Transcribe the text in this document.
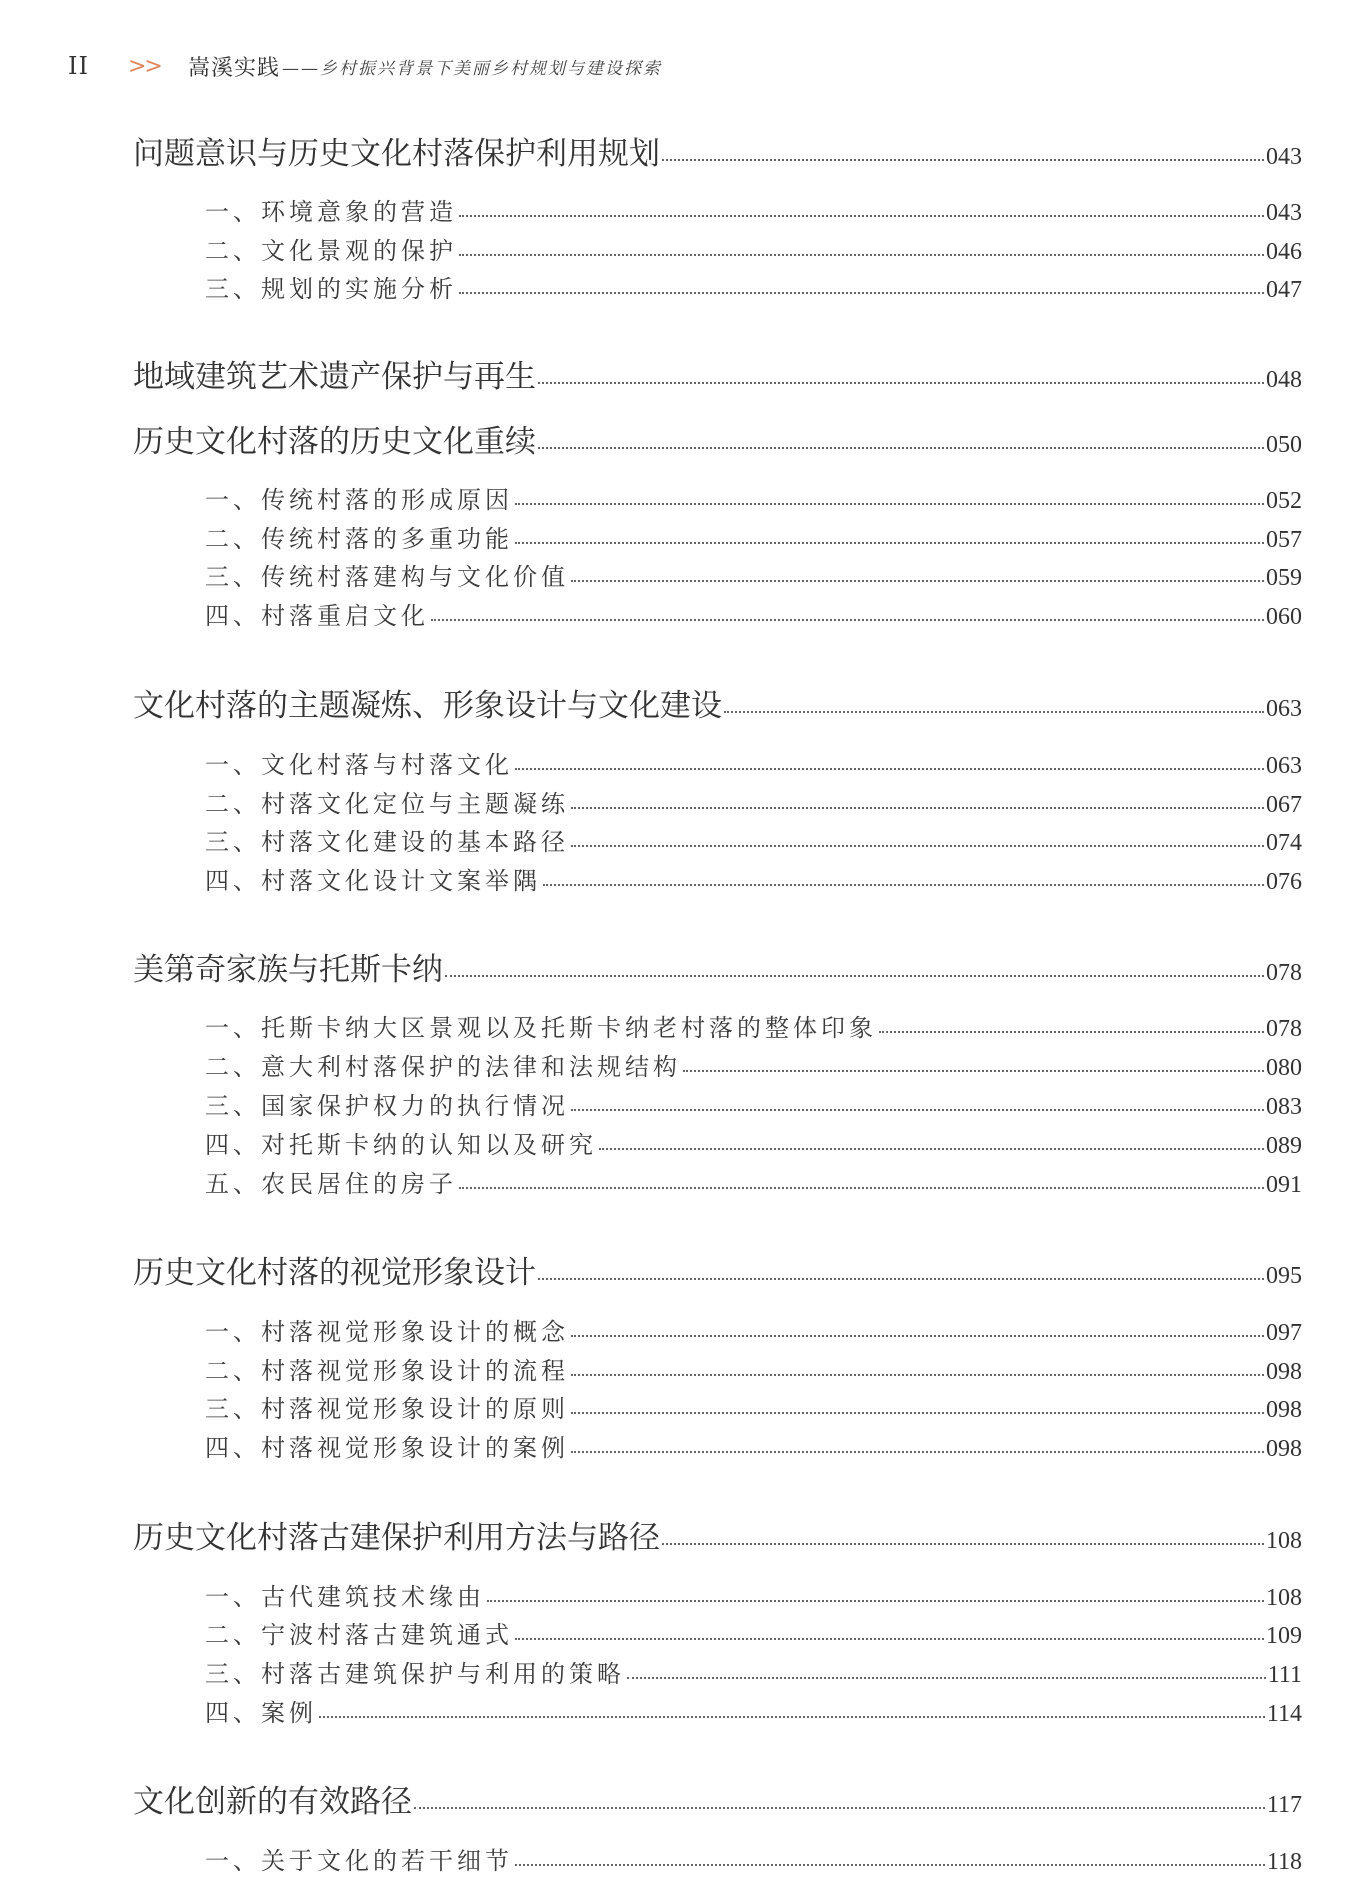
II	>>	嵩溪实践 ——乡村振兴背景下美丽乡村规划与建设探索
问题意识与历史文化村落保护利用规划	043
一、环境意象的营造	043
二、文化景观的保护	046
三、规划的实施分析	047
地域建筑艺术遗产保护与再生	048
历史文化村落的历史文化重续	050
一、传统村落的形成原因	052
二、传统村落的多重功能	057
三、传统村落建构与文化价值	059
四、村落重启文化	060
文化村落的主题凝炼、形象设计与文化建设	063
一、文化村落与村落文化	063
二、村落文化定位与主题凝练	067
三、村落文化建设的基本路径	074
四、村落文化设计文案举隅	076
美第奇家族与托斯卡纳	078
一、托斯卡纳大区景观以及托斯卡纳老村落的整体印象	078
二、意大利村落保护的法律和法规结构	080
三、国家保护权力的执行情况	083
四、对托斯卡纳的认知以及研究	089
五、农民居住的房子	091
历史文化村落的视觉形象设计	095
一、村落视觉形象设计的概念	097
二、村落视觉形象设计的流程	098
三、村落视觉形象设计的原则	098
四、村落视觉形象设计的案例	098
历史文化村落古建保护利用方法与路径	108
一、古代建筑技术缘由	108
二、宁波村落古建筑通式	109
三、村落古建筑保护与利用的策略	111
四、案例	114
文化创新的有效路径	117
一、关于文化的若干细节	118
